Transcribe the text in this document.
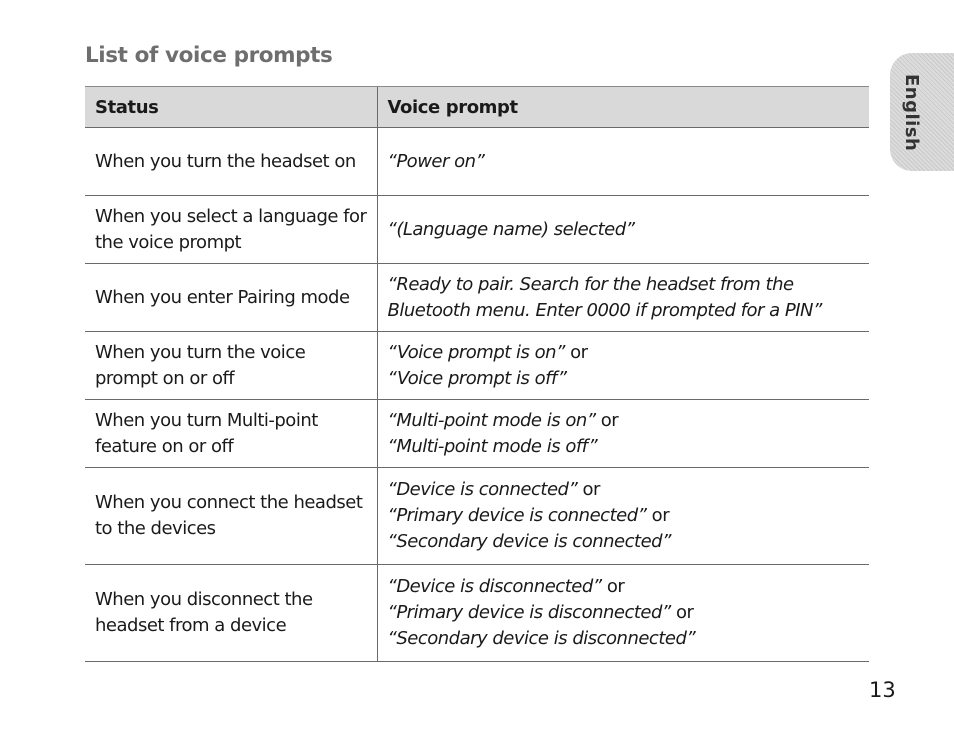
List of voice prompts
English
Status	Voice prompt
When you turn the headset on	“Power on”

When you select a language for the voice prompt	“(Language name) selected”

When you enter Pairing mode	“Ready to pair. Search for the headset from the Bluetooth menu. Enter 0000 if prompted for a PIN”

When you turn the voice prompt on or off	“Voice prompt is on” or
“Voice prompt is off”

When you turn Multi-point feature on or off	“Multi-point mode is on” or
“Multi-point mode is off”

When you connect the headset to the devices	“Device is connected” or
“Primary device is connected” or
“Secondary device is connected”

When you disconnect the headset from a device	“Device is disconnected” or
“Primary device is disconnected” or
“Secondary device is disconnected”
13
